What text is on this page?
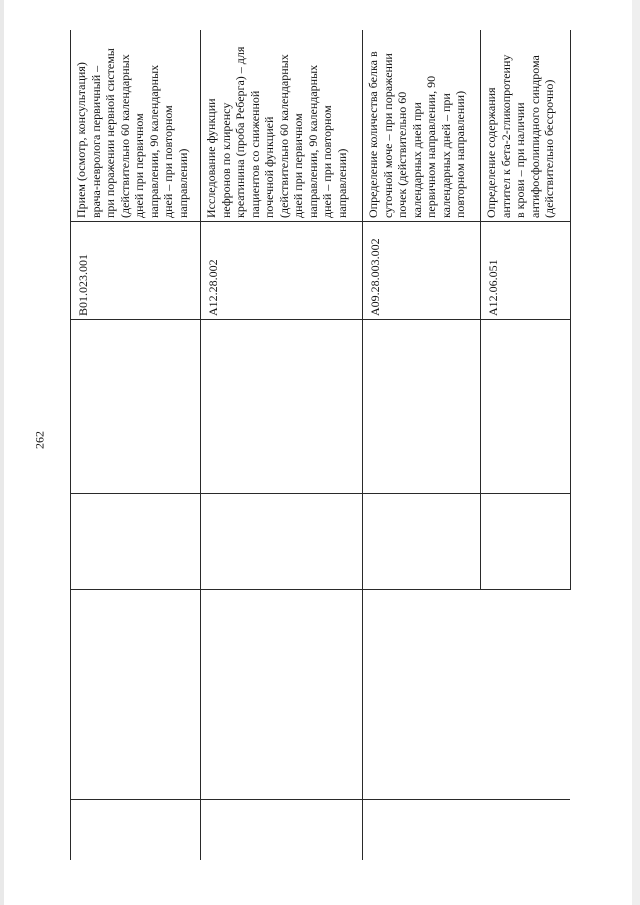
262
Прием (осмотр, консультация)
врача-невролога первичный –
при поражении нервной системы
(действительно 60 календарных
дней при первичном
направлении, 90 календарных
дней – при повторном
направлении)
B01.023.001
Исследование функции
нефронов по клиренсу
креатинина (проба Реберга) – для
пациентов со сниженной
почечной функцией
(действительно 60 календарных
дней при первичном
направлении, 90 календарных
дней – при повторном
направлении)
A12.28.002
Определение количества белка в
суточной моче – при поражении
почек (действительно 60
календарных дней при
первичном направлении, 90
календарных дней – при
повторном направлении)
A09.28.003.002
Определение содержания
антител к бета-2-гликопротеину
в крови – при наличии
антифосфолипидного синдрома
(действительно бессрочно)
A12.06.051
